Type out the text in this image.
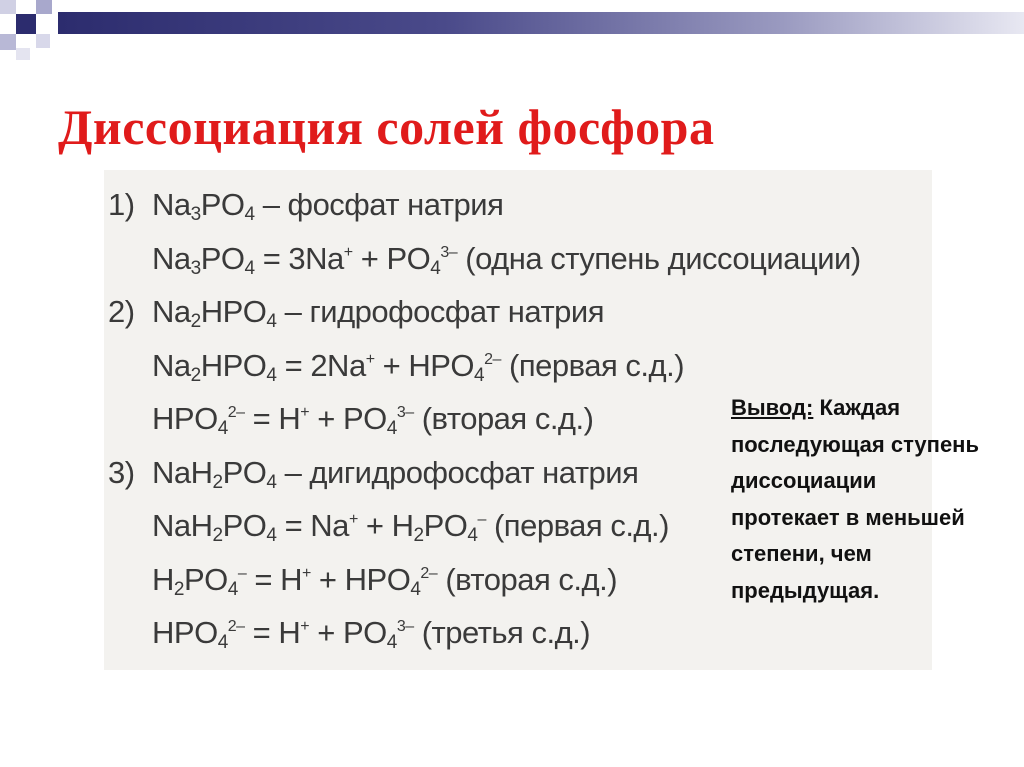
Диссоциация солей фосфора
1) $Na_3PO_4$ – фосфат натрия
$Na_3PO_4 = 3Na^+ + PO_4^{3-}$ (одна ступень диссоциации)
2) $Na_2HPO_4$ – гидрофосфат натрия
$Na_2HPO_4 = 2Na^+ + HPO_4^{2-}$ (первая с.д.)
$HPO_4^{2-} = H^+ + PO_4^{3-}$ (вторая с.д.)
3) $NaH_2PO_4$ – дигидрофосфат натрия
$NaH_2PO_4 = Na^+ + H_2PO_4^-$ (первая с.д.)
$H_2PO_4^- = H^+ + HPO_4^{2-}$ (вторая с.д.)
$HPO_4^{2-} = H^+ + PO_4^{3-}$ (третья с.д.)

Вывод: Каждая последующая ступень диссоциации протекает в меньшей степени, чем предыдущая.
